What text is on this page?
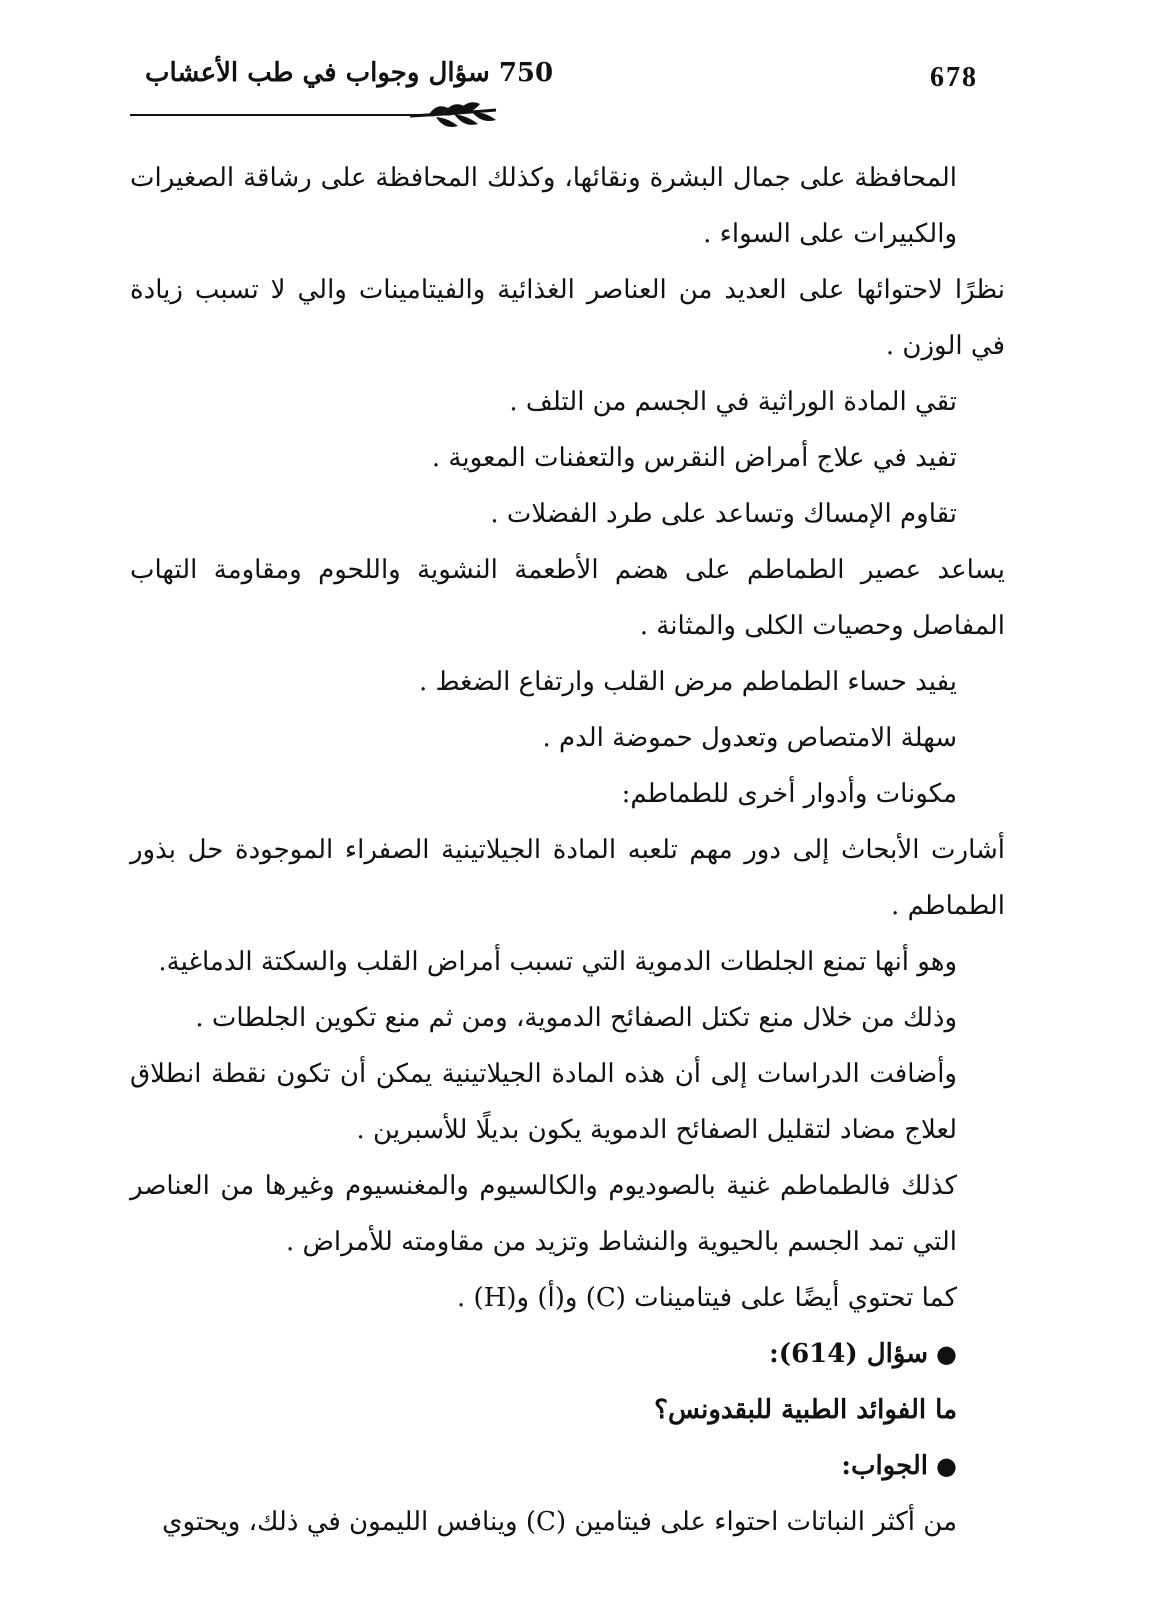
678
750 سؤال وجواب في طب الأعشاب

المحافظة على جمال البشرة ونقائها، وكذلك المحافظة على رشاقة الصغيرات والكبيرات على السواء .

نظرًا لاحتوائها على العديد من العناصر الغذائية والفيتامينات والي لا تسبب زيادة في الوزن .

تقي المادة الوراثية في الجسم من التلف .

تفيد في علاج أمراض النقرس والتعفنات المعوية .

تقاوم الإمساك وتساعد على طرد الفضلات .

يساعد عصير الطماطم على هضم الأطعمة النشوية واللحوم ومقاومة التهاب المفاصل وحصيات الكلى والمثانة .

يفيد حساء الطماطم مرض القلب وارتفاع الضغط .

سهلة الامتصاص وتعدول حموضة الدم .

مكونات وأدوار أخرى للطماطم:

أشارت الأبحاث إلى دور مهم تلعبه المادة الجيلاتينية الصفراء الموجودة حل بذور الطماطم .

وهو أنها تمنع الجلطات الدموية التي تسبب أمراض القلب والسكتة الدماغية.

وذلك من خلال منع تكتل الصفائح الدموية، ومن ثم منع تكوين الجلطات .

وأضافت الدراسات إلى أن هذه المادة الجيلاتينية يمكن أن تكون نقطة انطلاق لعلاج مضاد لتقليل الصفائح الدموية يكون بديلًا للأسبرين .

كذلك فالطماطم غنية بالصوديوم والكالسيوم والمغنسيوم وغيرها من العناصر التي تمد الجسم بالحيوية والنشاط وتزيد من مقاومته للأمراض .

كما تحتوي أيضًا على فيتامينات (C) و(أ) و(H) .

●سؤال (614):

ما الفوائد الطبية للبقدونس؟

●الجواب:

من أكثر النباتات احتواء على فيتامين (C) وينافس الليمون في ذلك، ويحتوي
